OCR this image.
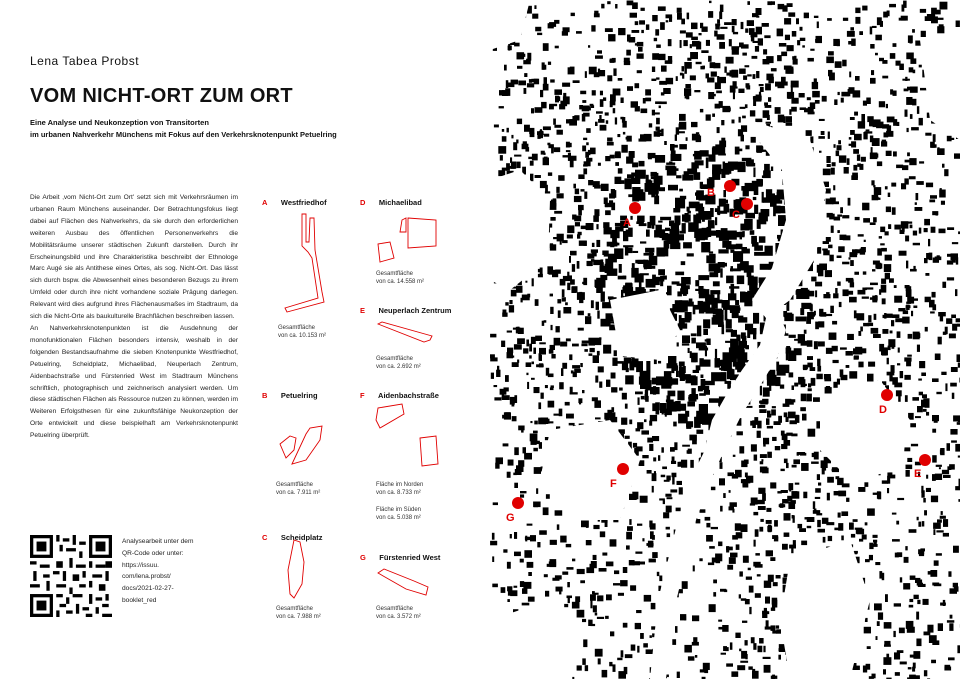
Lena Tabea Probst
VOM NICHT-ORT ZUM ORT
Eine Analyse und Neukonzeption von Transitorten
im urbanen Nahverkehr Münchens mit Fokus auf den Verkehrsknotenpunkt Petuelring

Die Arbeit ‚vom Nicht-Ort zum Ort' setzt sich mit Verkehrsräumen im urbanen Raum Münchens auseinander. Der Betrachtungsfokus liegt dabei auf Flächen des Nahverkehrs, da sie durch den erforderlichen weiteren Ausbau des öffentlichen Personenverkehrs die Mobilitätsräume unserer städtischen Zukunft darstellen. Durch ihr Erscheinungsbild und ihre Charakteristika beschreibt der Ethnologe Marc Augé sie als Antithese eines Ortes, als sog. Nicht-Ort. Das lässt sich durch bspw. die Abwesenheit eines besonderen Bezugs zu ihrem Umfeld oder durch ihre nicht vorhandene soziale Prägung darlegen. Relevant wird dies aufgrund ihres Flächenausmaßes im Stadtraum, da sich die Nicht-Orte als baukulturelle Brachflächen beschreiben lassen.

An Nahverkehrsknotenpunkten ist die Ausdehnung der monofunktionalen Flächen besonders intensiv, weshalb in der folgenden Bestandsaufnahme die sieben Knotenpunkte Westfriedhof, Petuelring, Scheidplatz, Michaelibad, Neuperlach Zentrum, Aidenbachstraße und Fürstenried West im Stadtraum Münchens schriftlich, photographisch und zeichnerisch analysiert werden. Um diese städtischen Flächen als Ressource nutzen zu können, werden im Weiteren Erfolgsthesen für eine zukunftsfähige Neukonzeption der Orte entwickelt und diese beispielhaft am Verkehrsknotenpunkt Petuelring überprüft.

Analysearbeit unter dem QR-Code oder unter: https://issuu. com/lena.probst/ docs/2021-02-27- booklet_red
A Westfriedhof
Gesamtfläche
von ca. 10.153 m²
B Petuelring
Gesamtfläche
von ca. 7.911 m²
C Scheidplatz
Gesamtfläche
von ca. 7.988 m²
D Michaelibad
Gesamtfläche
von ca. 14.558 m²
E Neuperlach Zentrum
Gesamtfläche
von ca. 2.692 m²
F Aidenbachstraße
Fläche im Norden
von ca. 8.733 m²
Fläche im Süden
von ca. 5.038 m²
G Fürstenried West
Gesamtfläche
von ca. 3.572 m²
A
B
C
D
E
F
G
